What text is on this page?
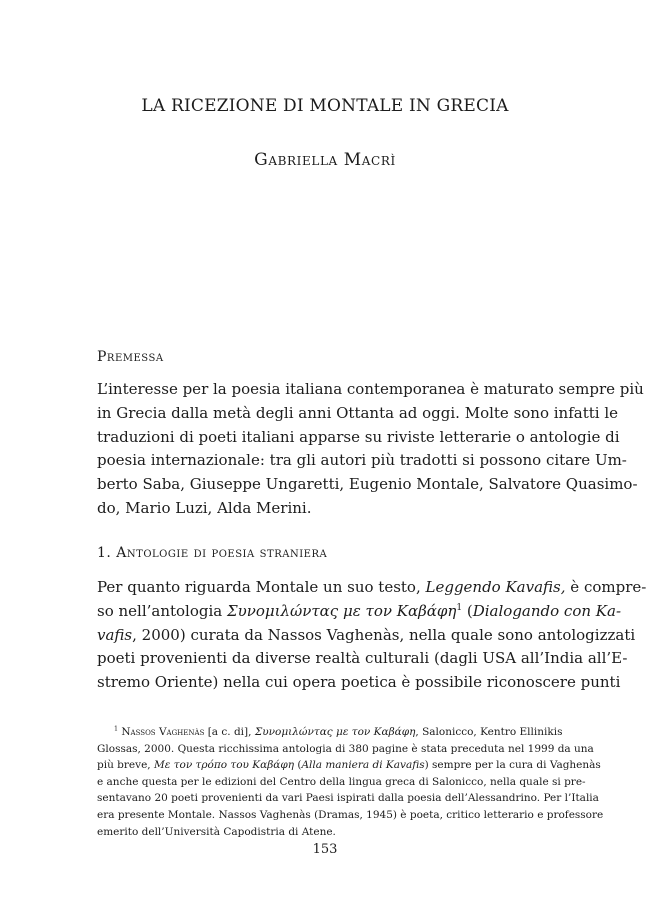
LA RICEZIONE DI MONTALE IN GRECIA
Gabriella Macrì
Premessa
L’interesse per la poesia italiana contemporanea è maturato sempre più
in Grecia dalla metà degli anni Ottanta ad oggi. Molte sono infatti le
traduzioni di poeti italiani apparse su riviste letterarie o antologie di
poesia internazionale: tra gli autori più tradotti si possono citare Um-
berto Saba, Giuseppe Ungaretti, Eugenio Montale, Salvatore Quasimo-
do, Mario Luzi, Alda Merini.
1. Antologie di poesia straniera
Per quanto riguarda Montale un suo testo, Leggendo Kavafis, è compre-
so nell’antologia Συνομιλώντας με τον Καβάφη$^1$ (Dialogando con Ka-
vafis, 2000) curata da Nassos Vaghenàs, nella quale sono antologizzati
poeti provenienti da diverse realtà culturali (dagli USA all’India all’E-
stremo Oriente) nella cui opera poetica è possibile riconoscere punti
$^1$ Nassos Vaghenàs [a c. di], Συνομιλώντας με τον Καβάφη, Salonicco, Kentro Ellinikis
Glossas, 2000. Questa ricchissima antologia di 380 pagine è stata preceduta nel 1999 da una
più breve, Με τον τρόπο του Καβάφη (Alla maniera di Kavafis) sempre per la cura di Vaghenàs
e anche questa per le edizioni del Centro della lingua greca di Salonicco, nella quale si pre-
sentavano 20 poeti provenienti da vari Paesi ispirati dalla poesia dell’Alessandrino. Per l’Italia
era presente Montale. Nassos Vaghenàs (Dramas, 1945) è poeta, critico letterario e professore
emerito dell’Università Capodistria di Atene.
153
